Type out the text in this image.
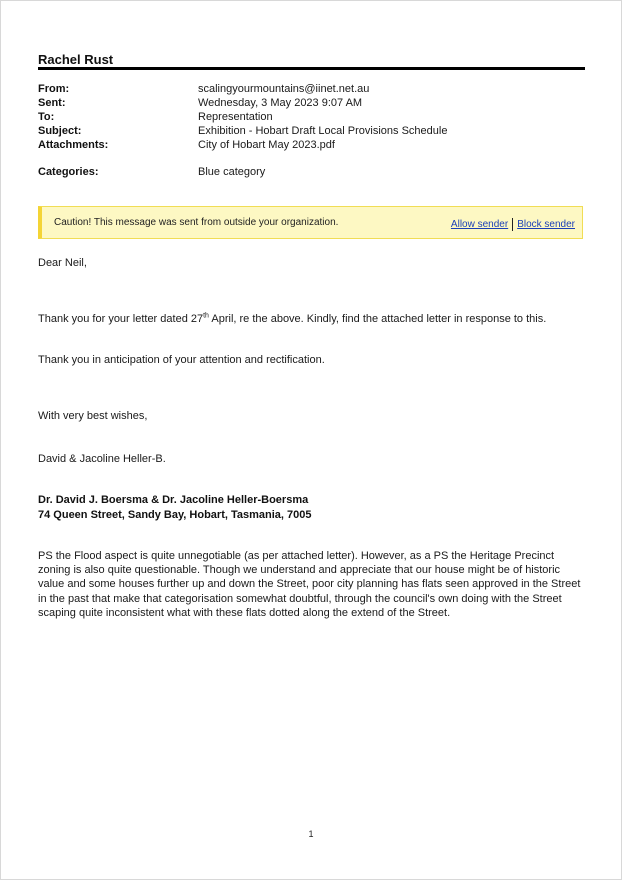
Rachel Rust
From:	scalingyourmountains@iinet.net.au
Sent:	Wednesday, 3 May 2023 9:07 AM
To:	Representation
Subject:	Exhibition - Hobart Draft Local Provisions Schedule
Attachments:	City of Hobart May 2023.pdf
Categories:	Blue category
Caution! This message was sent from outside your organization.	Allow sender Block sender
Dear Neil,
Thank you for your letter dated 27th April, re the above. Kindly, find the attached letter in response to this.
Thank you in anticipation of your attention and rectification.
With very best wishes,
David & Jacoline Heller-B.
Dr. David J. Boersma & Dr. Jacoline Heller-Boersma
74 Queen Street, Sandy Bay, Hobart, Tasmania, 7005
PS the Flood aspect is quite unnegotiable (as per attached letter). However, as a PS the Heritage Precinct zoning is also quite questionable. Though we understand and appreciate that our house might be of historic value and some houses further up and down the Street, poor city planning has flats seen approved in the Street in the past that make that categorisation somewhat doubtful, through the council's own doing with the Street scaping quite inconsistent what with these flats dotted along the extend of the Street.
1
